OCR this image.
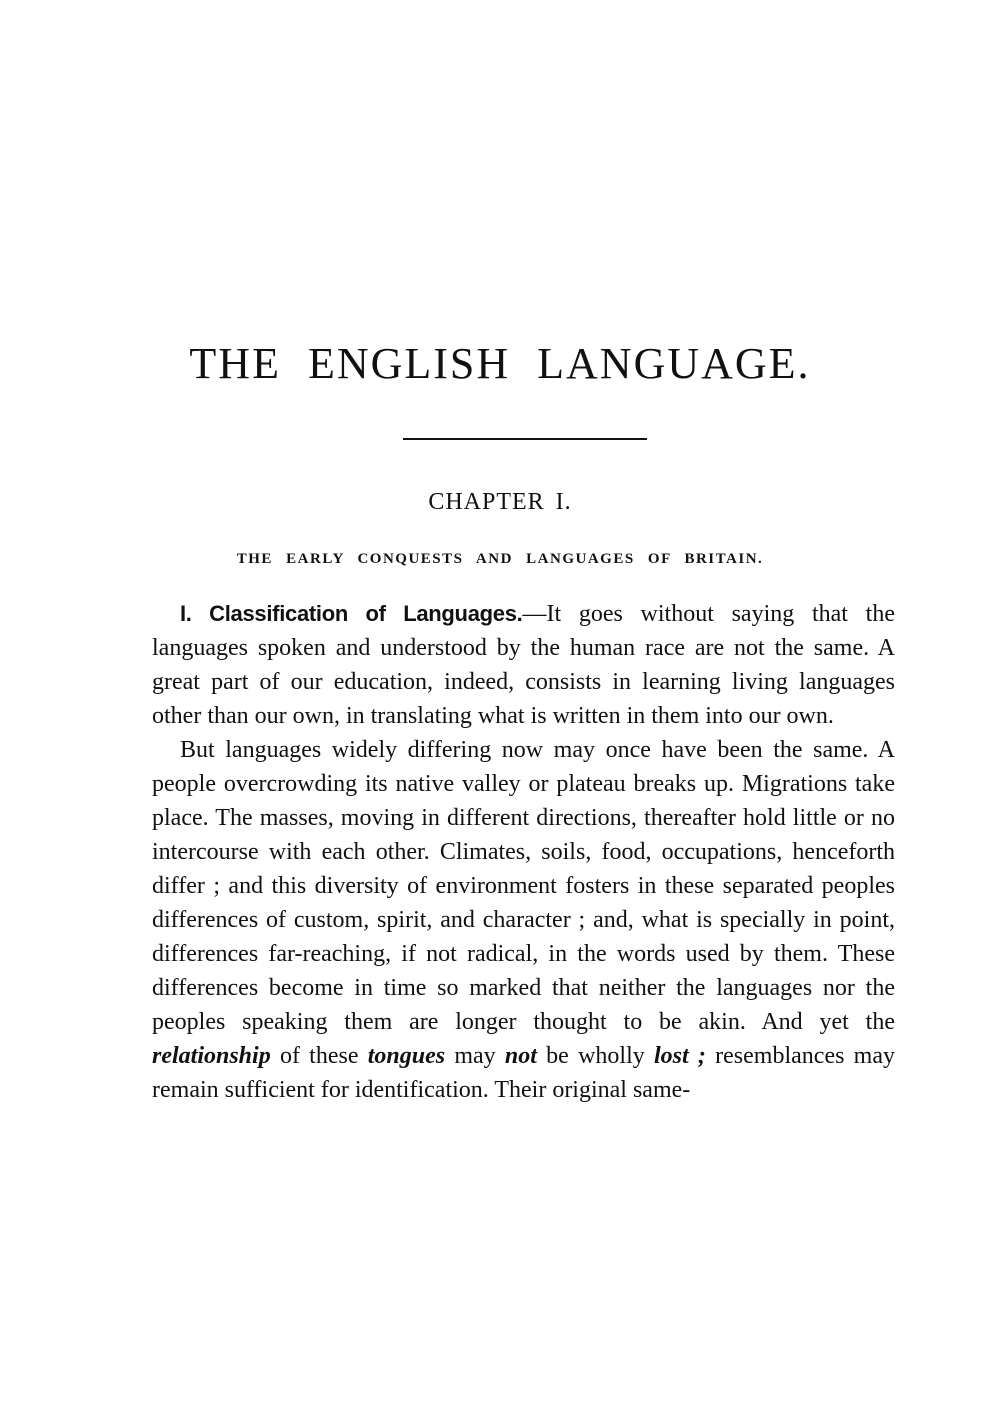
THE ENGLISH LANGUAGE.
CHAPTER I.
THE EARLY CONQUESTS AND LANGUAGES OF BRITAIN.

I. Classification of Languages.—It goes without saying that the languages spoken and understood by the human race are not the same. A great part of our education, indeed, consists in learning living languages other than our own, in translating what is written in them into our own.

But languages widely differing now may once have been the same. A people overcrowding its native valley or plateau breaks up. Migrations take place. The masses, moving in different directions, thereafter hold little or no intercourse with each other. Climates, soils, food, occupations, henceforth differ ; and this diversity of environment fosters in these separated peoples differences of custom, spirit, and character ; and, what is specially in point, differences far-reaching, if not radical, in the words used by them. These differences become in time so marked that neither the languages nor the peoples speaking them are longer thought to be akin. And yet the relationship of these tongues may not be wholly lost ; resemblances may remain sufficient for identification. Their original same-
